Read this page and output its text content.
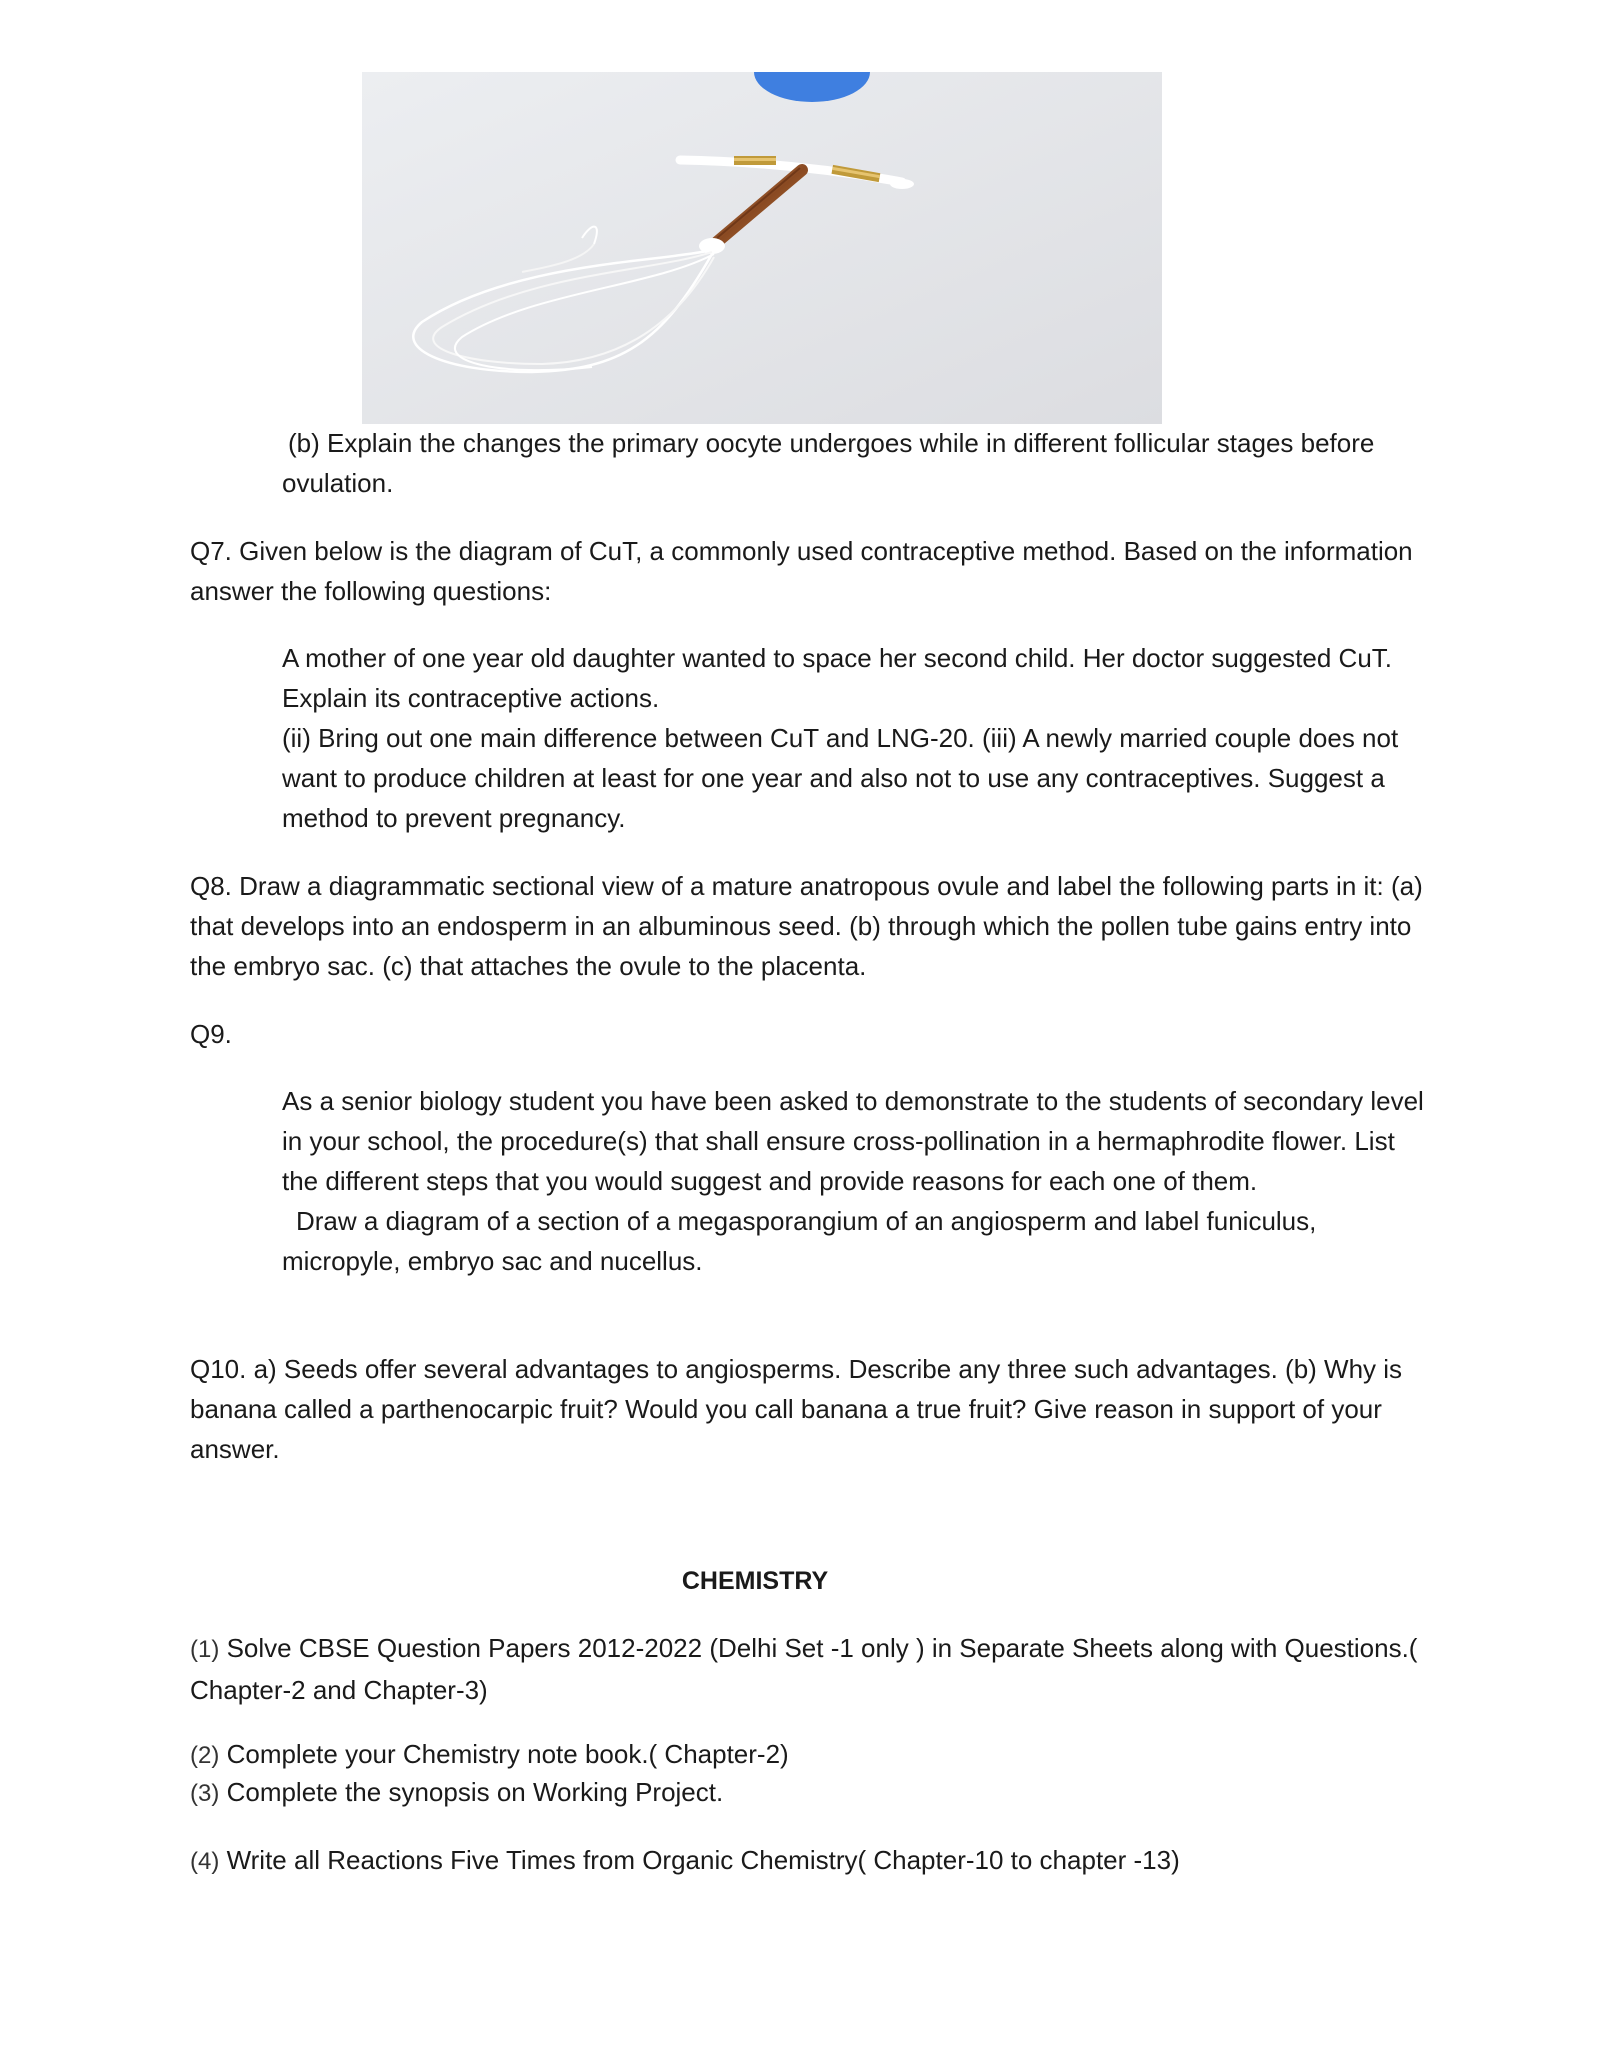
(b) Explain the changes the primary oocyte undergoes while in different follicular stages before ovulation.

Q7. Given below is the diagram of CuT, a commonly used contraceptive method. Based on the information answer the following questions:

A mother of one year old daughter wanted to space her second child. Her doctor suggested CuT. Explain its contraceptive actions.

(ii) Bring out one main difference between CuT and LNG-20. (iii) A newly married couple does not want to produce children at least for one year and also not to use any contraceptives. Suggest a method to prevent pregnancy.

Q8. Draw a diagrammatic sectional view of a mature anatropous ovule and label the following parts in it: (a) that develops into an endosperm in an albuminous seed. (b) through which the pollen tube gains entry into the embryo sac. (c) that attaches the ovule to the placenta.

Q9.

As a senior biology student you have been asked to demonstrate to the students of secondary level in your school, the procedure(s) that shall ensure cross-pollination in a hermaphrodite flower. List the different steps that you would suggest and provide reasons for each one of them.

Draw a diagram of a section of a megasporangium of an angiosperm and label funiculus, micropyle, embryo sac and nucellus.

Q10. a) Seeds offer several advantages to angiosperms. Describe any three such advantages. (b) Why is banana called a parthenocarpic fruit? Would you call banana a true fruit? Give reason in support of your answer.

CHEMISTRY

(1) Solve CBSE Question Papers 2012-2022 (Delhi Set -1 only ) in Separate Sheets along with Questions.( Chapter-2 and Chapter-3)

(2) Complete your Chemistry note book.( Chapter-2)

(3) Complete the synopsis on Working Project.

(4) Write all Reactions Five Times from Organic Chemistry( Chapter-10 to chapter -13)
